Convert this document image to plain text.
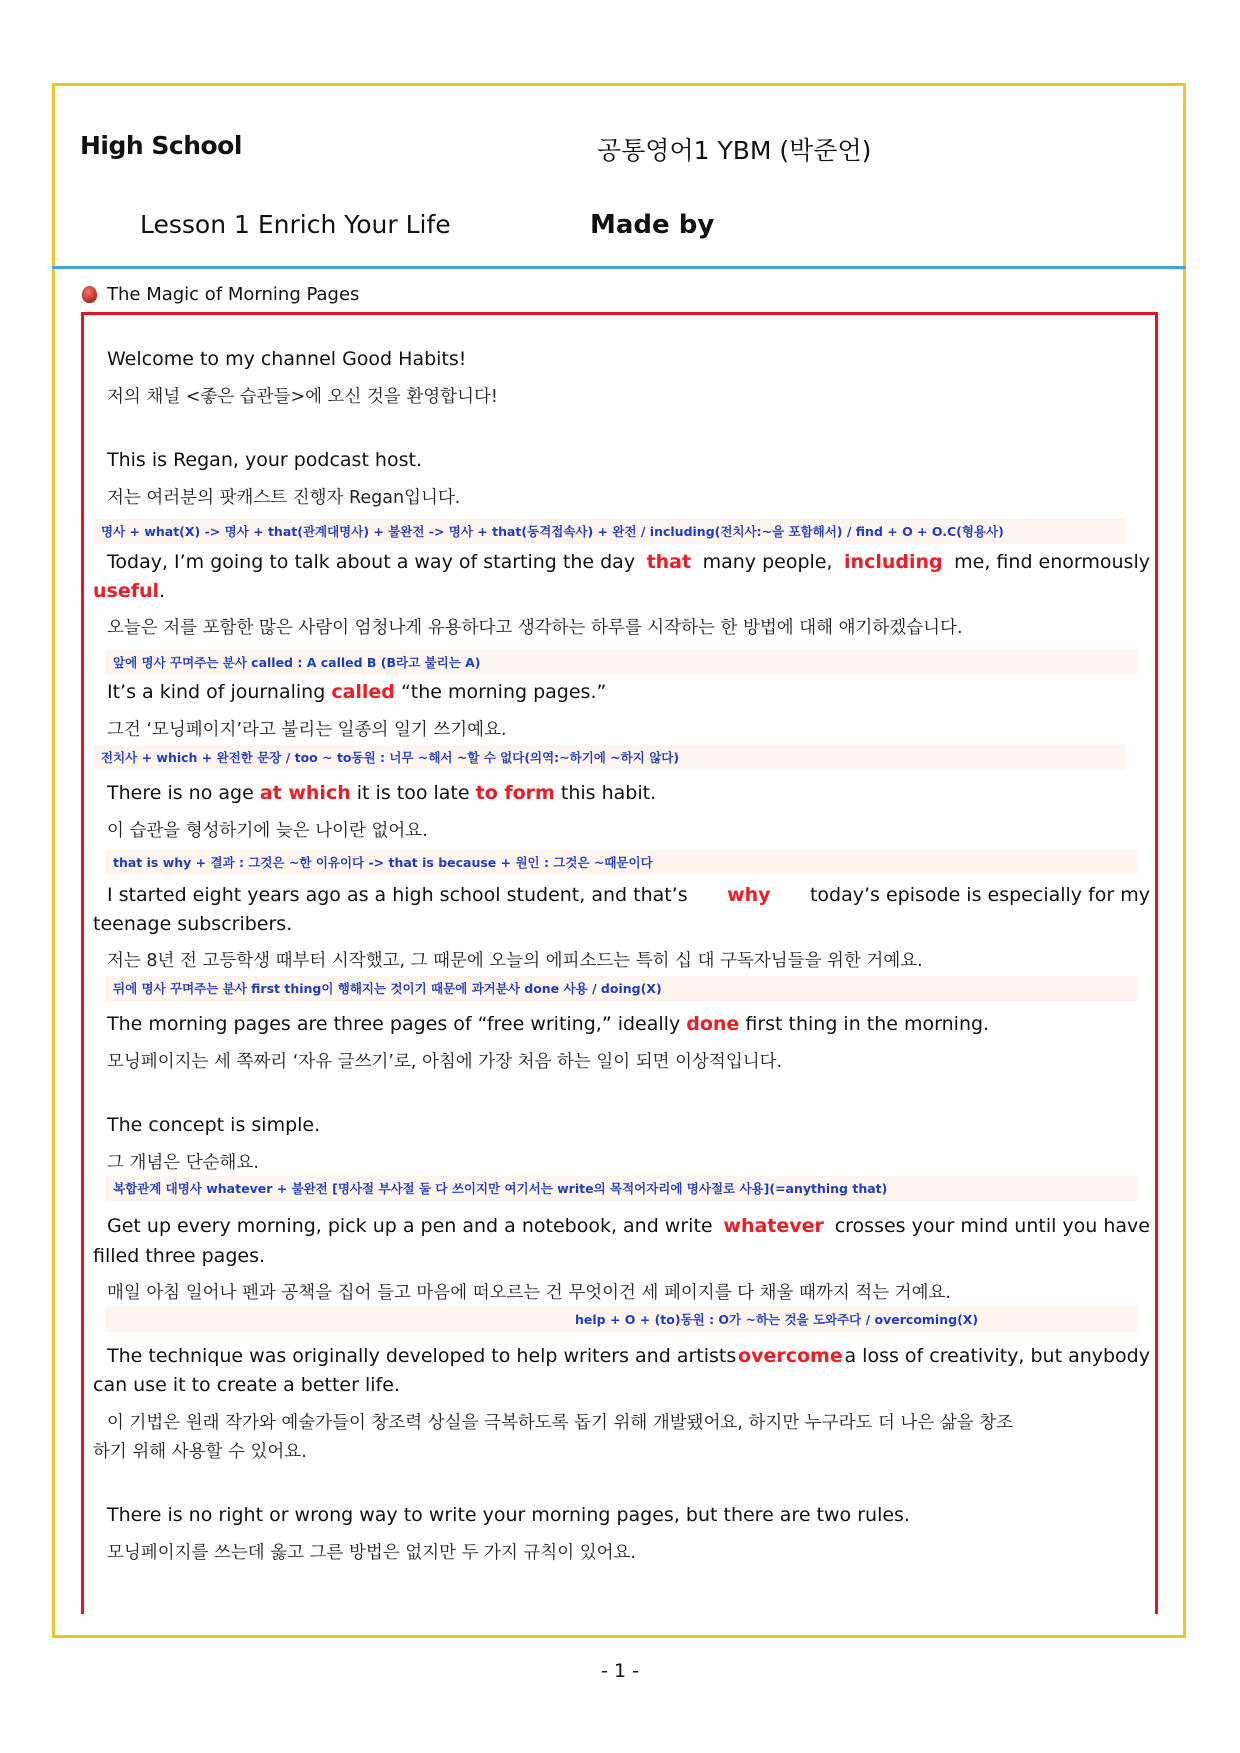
High School	공통영어1 YBM (박준언)
Lesson 1 Enrich Your Life	Made by
The Magic of Morning Pages
Welcome to my channel Good Habits!
저의 채널 <좋은 습관들>에 오신 것을 환영합니다!
This is Regan, your podcast host.
저는 여러분의 팟캐스트 진행자 Regan입니다.
명사 + what(X) -> 명사 + that(관계대명사) + 불완전 -> 명사 + that(동격접속사) + 완전 / including(전치사:~을 포함해서) / find + O + O.C(형용사)
Today, I’m going to talk about a way of starting the day that many people, including me, find enormously
useful.
오늘은 저를 포함한 많은 사람이 엄청나게 유용하다고 생각하는 하루를 시작하는 한 방법에 대해 얘기하겠습니다.
앞에 명사 꾸며주는 분사 called : A called B (B라고 불리는 A)
It’s a kind of journaling called “the morning pages.”
그건 ‘모닝페이지’라고 불리는 일종의 일기 쓰기예요.
전치사 + which + 완전한 문장 / too ~ to동원 : 너무 ~해서 ~할 수 없다(의역:~하기에 ~하지 않다)
There is no age at which it is too late to form this habit.
이 습관을 형성하기에 늦은 나이란 없어요.
that is why + 결과 : 그것은 ~한 이유이다 -> that is because + 원인 : 그것은 ~때문이다
I started eight years ago as a high school student, and that’s why today’s episode is especially for my
teenage subscribers.
저는 8년 전 고등학생 때부터 시작했고, 그 때문에 오늘의 에피소드는 특히 십 대 구독자님들을 위한 거예요.
뒤에 명사 꾸며주는 분사 first thing이 행해지는 것이기 때문에 과거분사 done 사용 / doing(X)
The morning pages are three pages of “free writing,” ideally done first thing in the morning.
모닝페이지는 세 쪽짜리 ‘자유 글쓰기’로, 아침에 가장 처음 하는 일이 되면 이상적입니다.
The concept is simple.
그 개념은 단순해요.
복합관계 대명사 whatever + 불완전 [명사절 부사절 둘 다 쓰이지만 여기서는 write의 목적어자리에 명사절로 사용](=anything that)
Get up every morning, pick up a pen and a notebook, and write whatever crosses your mind until you have
filled three pages.
매일 아침 일어나 펜과 공책을 집어 들고 마음에 떠오르는 건 무엇이건 세 페이지를 다 채울 때까지 적는 거예요.
help + O + (to)동원 : O가 ~하는 것을 도와주다 / overcoming(X)
The technique was originally developed to help writers and artists overcome a loss of creativity, but anybody
can use it to create a better life.
이 기법은 원래 작가와 예술가들이 창조력 상실을 극복하도록 돕기 위해 개발됐어요, 하지만 누구라도 더 나은 삶을 창조
하기 위해 사용할 수 있어요.
There is no right or wrong way to write your morning pages, but there are two rules.
모닝페이지를 쓰는데 옳고 그른 방법은 없지만 두 가지 규칙이 있어요.
- 1 -
